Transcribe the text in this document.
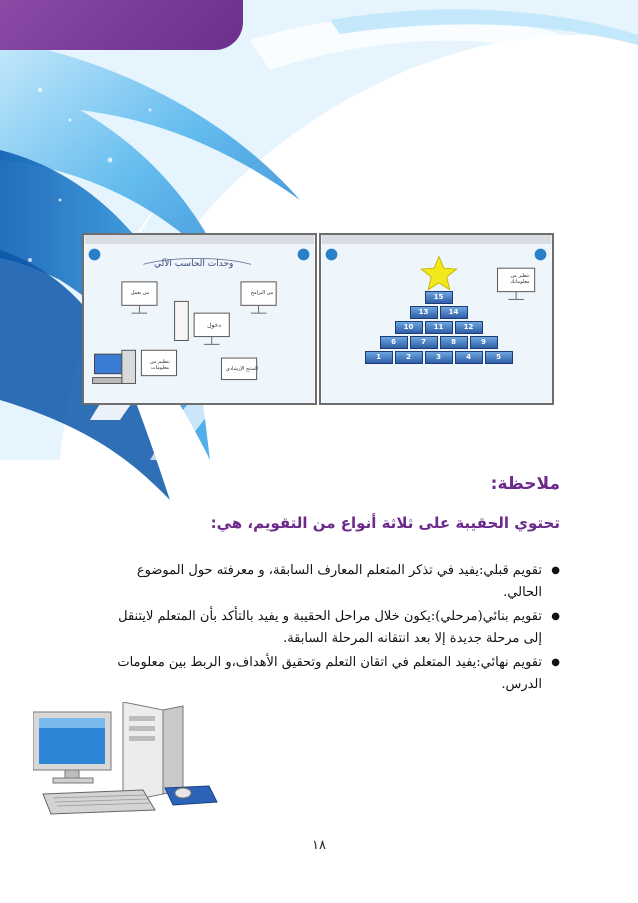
وحدات الحاسب الآلي
من يعمل	من البرامج
دخول
تنظيم من معلومات	المنتج الإرشادي
تنظير من معلوماتك
15
13	14
10	11	12
6	7	8	9
1	2	3	4	5
ملاحظة:
تحتوي الحقيبة على ثلاثة أنواع من التقويم، هي:
● تقويم قبلي:يفيد في تذكر المتعلم المعارف السابقة، و معرفته حول الموضوع الحالي.
● تقويم بنائي(مرحلي):يكون خلال مراحل الحقيبة و يفيد بالتأكد بأن المتعلم لايتنقل إلى مرحلة جديدة إلا بعد انتقانه المرحلة السابقة.
● تقويم نهائي:يفيد المتعلم في اتقان التعلم وتحقيق الأهداف،و الربط بين معلومات الدرس.
١٨
